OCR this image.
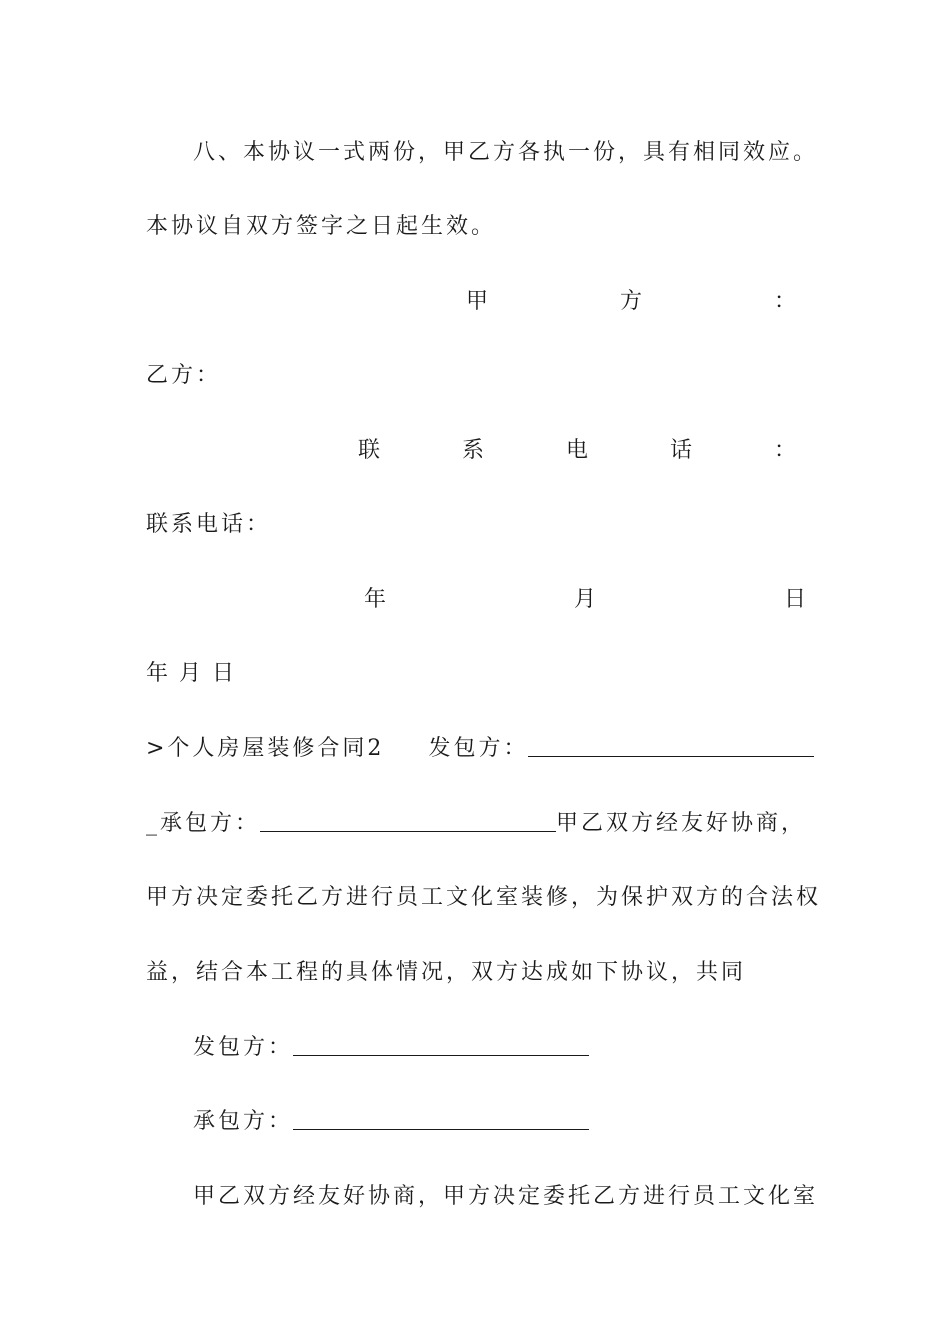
八、本协议一式两份，甲乙方各执一份，具有相同效应。
本协议自双方签字之日起生效。
甲	方	：
乙方：
联	系	电	话	：
联系电话：
年	月	日
年 月 日
>个人房屋装修合同2 发包方：
_承包方：	甲乙双方经友好协商，
甲方决定委托乙方进行员工文化室装修，为保护双方的合法权
益，结合本工程的具体情况，双方达成如下协议，共同
发包方：
承包方：
甲乙双方经友好协商，甲方决定委托乙方进行员工文化室
